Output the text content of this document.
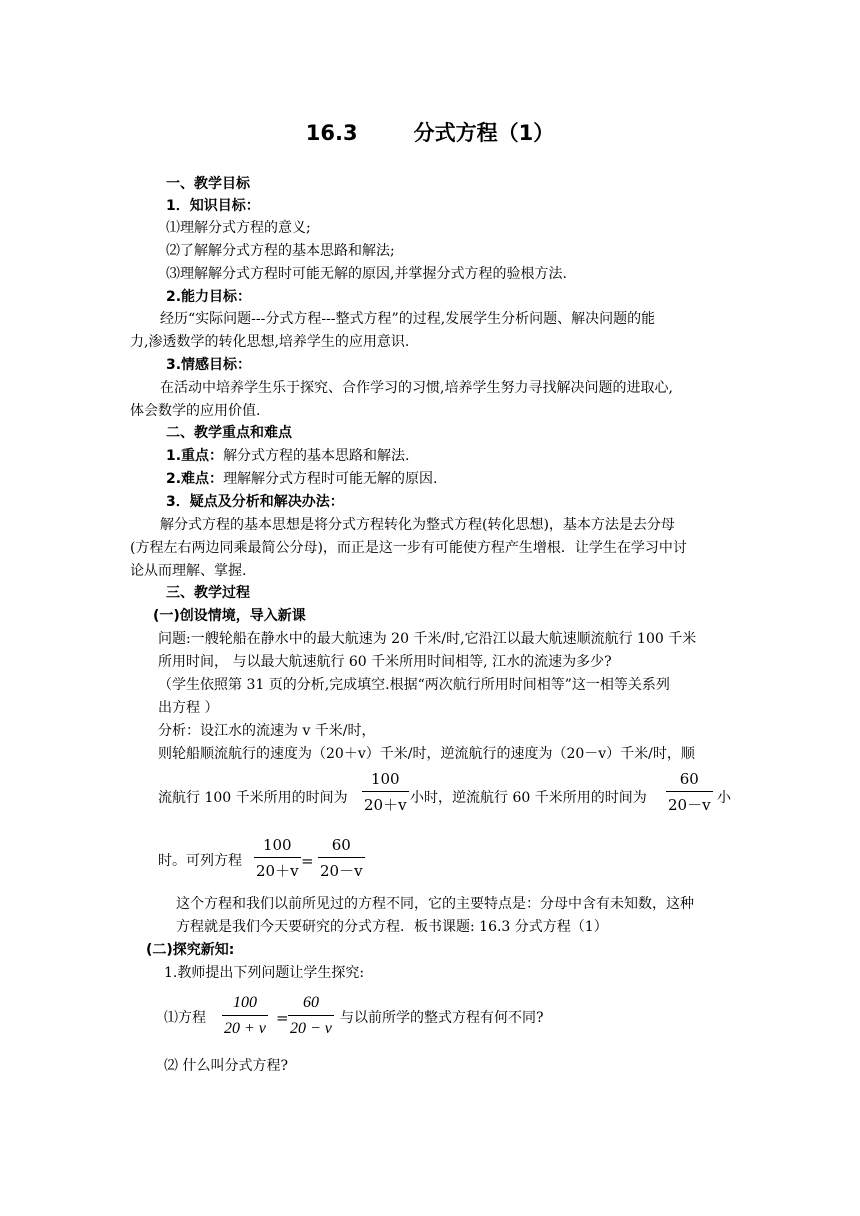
16.3	分式方程（1）
一、教学目标
1．知识目标：
⑴理解分式方程的意义;
⑵了解解分式方程的基本思路和解法;
⑶理解解分式方程时可能无解的原因,并掌握分式方程的验根方法.
2.能力目标：
经历“实际问题---分式方程---整式方程”的过程,发展学生分析问题、解决问题的能
力,渗透数学的转化思想,培养学生的应用意识.
3.情感目标：
在活动中培养学生乐于探究、合作学习的习惯,培养学生努力寻找解决问题的进取心,
体会数学的应用价值.
二、教学重点和难点
1.重点：解分式方程的基本思路和解法.
2.难点：理解解分式方程时可能无解的原因.
3．疑点及分析和解决办法：
解分式方程的基本思想是将分式方程转化为整式方程(转化思想)，基本方法是去分母
(方程左右两边同乘最简公分母)，而正是这一步有可能使方程产生增根．让学生在学习中讨
论从而理解、掌握.
三、教学过程
(一)创设情境，导入新课
问题:一艘轮船在静水中的最大航速为 20 千米/时,它沿江以最大航速顺流航行 100 千米
所用时间， 与以最大航速航行 60 千米所用时间相等, 江水的流速为多少?
（学生依照第 31 页的分析,完成填空.根据“两次航行所用时间相等”这一相等关系列
出方程 ）
分析：设江水的流速为 v 千米/时，
则轮船顺流航行的速度为（20＋v）千米/时，逆流航行的速度为（20－v）千米/时，顺
流航行 100 千米所用的时间为
100
20＋v 小时，逆流航行 60 千米所用的时间为
60
20－v 小
时。可列方程
100
20＋v
=
60
20－v
这个方程和我们以前所见过的方程不同，它的主要特点是：分母中含有未知数，这种
方程就是我们今天要研究的分式方程．板书课题: 16.3 分式方程（1）
(二)探究新知:
1.教师提出下列问题让学生探究:
⑴方程
100
20 + v
=
60
20 − v
与以前所学的整式方程有何不同?
⑵ 什么叫分式方程?
